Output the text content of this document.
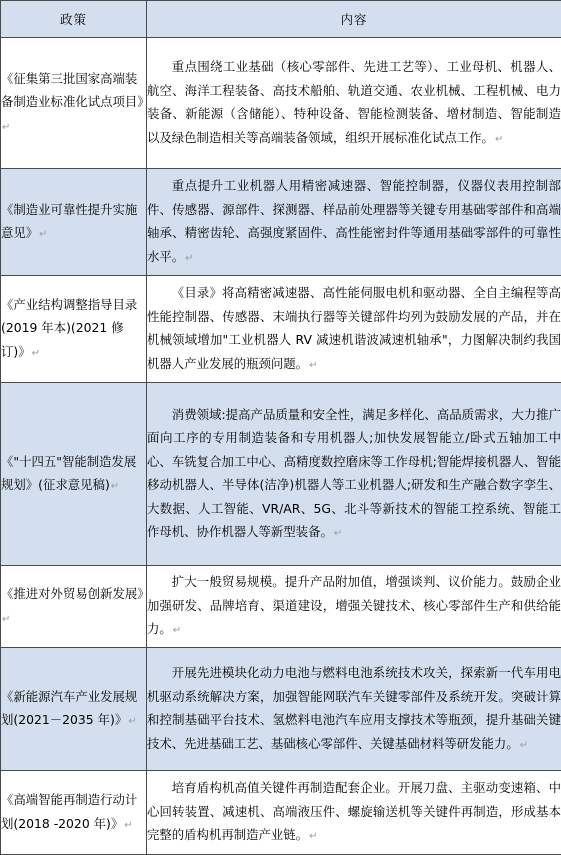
政策	内容
《征集第三批国家高端装备制造业标准化试点项目》↵	重点围绕工业基础（核心零部件、先进工艺等）、工业母机、机器人、航空、海洋工程装备、高技术船舶、轨道交通、农业机械、工程机械、电力装备、新能源（含储能）、特种设备、智能检测装备、增材制造、智能制造以及绿色制造相关等高端装备领域，组织开展标准化试点工作。↵
《制造业可靠性提升实施意见》↵	重点提升工业机器人用精密减速器、智能控制器，仪器仪表用控制部件、传感器、源部件、探测器、样品前处理器等关键专用基础零部件和高端轴承、精密齿轮、高强度紧固件、高性能密封件等通用基础零部件的可靠性水平。↵
《产业结构调整指导目录(2019 年本)(2021 修订)》↵	《目录》将高精密减速器、高性能伺服电机和驱动器、全自主编程等高性能控制器、传感器、末端执行器等关键部件均列为鼓励发展的产品，并在机械领域增加"工业机器人 RV 减速机谐波减速机轴承"，力图解决制约我国机器人产业发展的瓶颈问题。↵
《"十四五"智能制造发展规划》(征求意见稿)↵	消费领域:提高产品质量和安全性，满足多样化、高品质需求，大力推广面向工序的专用制造装备和专用机器人;加快发展智能立/卧式五轴加工中心、车铣复合加工中心、高精度数控磨床等工作母机;智能焊接机器人、智能移动机器人、半导体(洁净)机器人等工业机器人;研发和生产融合数字孪生、大数据、人工智能、VR/AR、5G、北斗等新技术的智能工控系统、智能工作母机、协作机器人等新型装备。↵
《推进对外贸易创新发展》↵	扩大一般贸易规模。提升产品附加值，增强谈判、议价能力。鼓励企业加强研发、品牌培育、渠道建设，增强关键技术、核心零部件生产和供给能力。↵
《新能源汽车产业发展规划(2021－2035 年)》↵	开展先进模块化动力电池与燃料电池系统技术攻关，探索新一代车用电机驱动系统解决方案，加强智能网联汽车关键零部件及系统开发。突破计算和控制基础平台技术、氢燃料电池汽车应用支撑技术等瓶颈，提升基础关键技术、先进基础工艺、基础核心零部件、关键基础材料等研发能力。↵
《高端智能再制造行动计划(2018 -2020 年)》↵	培育盾构机高值关键件再制造配套企业。开展刀盘、主驱动变速箱、中心回转装置、减速机、高端液压件、螺旋输送机等关键件再制造，形成基本完整的盾构机再制造产业链。↵
